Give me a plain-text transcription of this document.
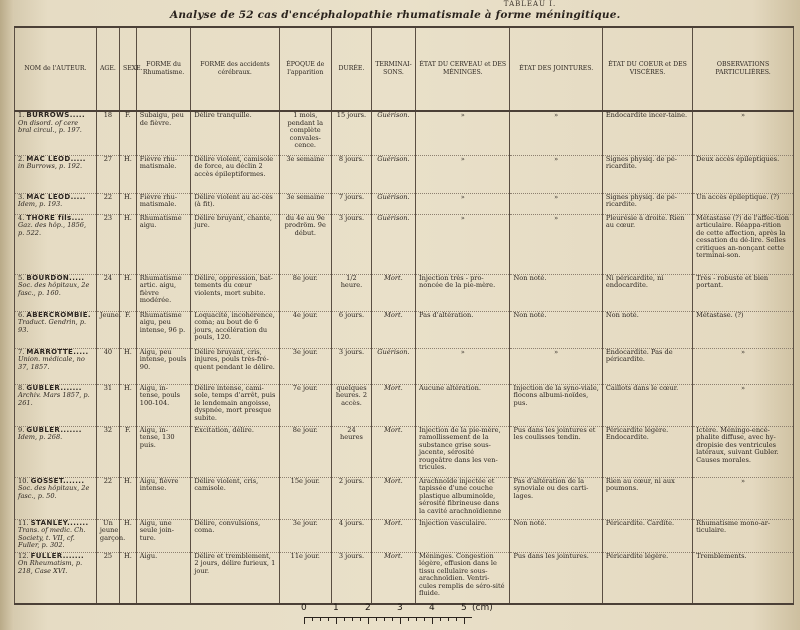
TABLEAU I.
Analyse de 52 cas d'encéphalopathie rhumatismale à forme méningitique.
NOM de l'AUTEUR.	AGE.	SEXE.	FORME du Rhumatisme.	FORME des accidents cérébraux.	ÉPOQUE de l'apparition	DURÉE.	TERMINAI-SONS.	ÉTAT DU CERVEAU et DES MÉNINGES.	ÉTAT DES JOINTURES.	ÉTAT DU COEUR et DES VISCÈRES.	OBSERVATIONS PARTICULIÈRES.
1. BURROWS.....
On disord. of cere bral circul., p. 197.	18	F.	Subaigu, peu de fièvre.	Délire tranquille.	1 mois, pendant la complète convales-cence.	15 jours.	Guérison.	»	»	Endocardite incer-taine.	»
2. MAC LEOD.....
in Burrows, p. 192.	27	H.	Fièvre rhu-matismale.	Délire violent, camisole de force, au déclin 2 accès épileptiformes.	3e semaine	8 jours.	Guérison.	»	»	Signes physiq. de pé-ricardite.	Deux accès épileptiques.
3. MAC LEOD.....
Idem, p. 193.	22	H.	Fièvre rhu-matismale.	Délire violent au ac-cès (à fit).	3e semaine	7 jours.	Guérison.	»	»	Signes physiq. de pé-ricardite.	Un accès épileptique. (?)
4. THORE fils....
Gaz. des hôp., 1856, p. 522.	23	H.	Rhumatisme aigu.	Délire bruyant, chante, jure.	du 4e au 9e prodröm. 9e début.	3 jours.	Guérison.	»	»	Pleurésie à droite. Rien au cœur.	Métastase (?) de l'affec-tion articulaire. Réappa-rition de cette affection, après la cessation du dé-lire. Selles critiques an-nonçant cette terminai-son.
5. BOURDON.....
Soc. des hôpitaux, 2e fasc., p. 160.	24	H.	Rhumatisme artic. aigu, fièvre modérée.	Délire, oppression, bat-tements du cœur violents, mort subite.	8e jour.	1/2 heure.	Mort.	Injection très - pro-noncée de la pie-mère.	Non noté.	Ni péricardite, ni endocardite.	Très - robuste et bien portant.
6. ABERCROMBIE.
Traduct. Gendrin, p. 93.	Jeune.	F.	Rhumatisme aigu, peu intense, 96 p.	Loquacité, incohérence, coma; au bout de 6 jours, accélération du pouls, 120.	4e jour.	6 jours.	Mort.	Pas d'altération.	Non noté.	Non noté.	Métastase. (?)
7. MARROTTE.....
Union. médicale, no 37, 1857.	40	H.	Aigu, peu intense, pouls 90.	Délire bruyant, cris, injures, pouls très-fré-quent pendant le délire.	3e jour.	3 jours.	Guérison.	»	»	Endocardite. Pas de péricardite.	»
8. GUBLER.......
Archiv. Mars 1857, p. 261.	31	H.	Aigu, in-tense, pouls 100-104.	Délire intense, cami-sole, temps d'arrêt, puis le lendemain angoisse, dyspnée, mort presque subite.	7e jour.	quelques heures. 2 accès.	Mort.	Aucune altération.	Injection de la syno-viale, flocons albumi-noïdes, pus.	Caillots dans le cœur.	»
9. GUBLER.......
Idem, p. 268.	32	F.	Aigu, in-tense, 130 puis.	Excitation, délire.	8e jour.	24 heures	Mort.	Injection de la pie-mère, ramollissement de la substance grise sous-jacente, sérosité rougeâtre dans les ven-tricules.	Pus dans les jointures et les coulisses tendin.	Péricardite légère. Endocardite.	Ictère. Méningo-encé-phalite diffuse, avec hy-dropisie des ventricules latéraux, suivant Gubler. Causes morales.
10. GOSSET.......
Soc. des hôpitaux, 2e fasc., p. 50.	22	H.	Aigu, fièvre intense.	Délire violent, cris, camisole.	15e jour.	2 jours.	Mort.	Arachnoïde injectée et tapissée d'une couche plastique albuminoïde, sérosité fibrineuse dans la cavité arachnoïdienne	Pas d'altération de la synoviale ou des carti-lages.	Rien au cœur, ni aux poumons.	»
11. STANLEY.......
Trans. of medic. Ch. Society, t. VII, cf. Fuller, p. 302.	Un jeune garçon.	H.	Aigu, une seule join-ture.	Délire, convulsions, coma.	3e jour.	4 jours.	Mort.	Injection vasculaire.	Non noté.	Péricardite. Cardite.	Rhumatisme mono-ar-ticulaire.
12. FULLER.......
On Rheumatism, p. 218, Case XVI.	25	H.	Aigu.	Délire et tremblement, 2 jours, délire furieux, 1 jour.	11e jour.	3 jours.	Mort.	Méninges. Congestion légère, effusion dans le tissu cellulaire sous-arachnoïdien. Ventri-cules remplis de séro-sité fluide.	Pus dans les jointures.	Péricardite légère.	Tremblements.
0	1	2	3	4	5 (cm)
